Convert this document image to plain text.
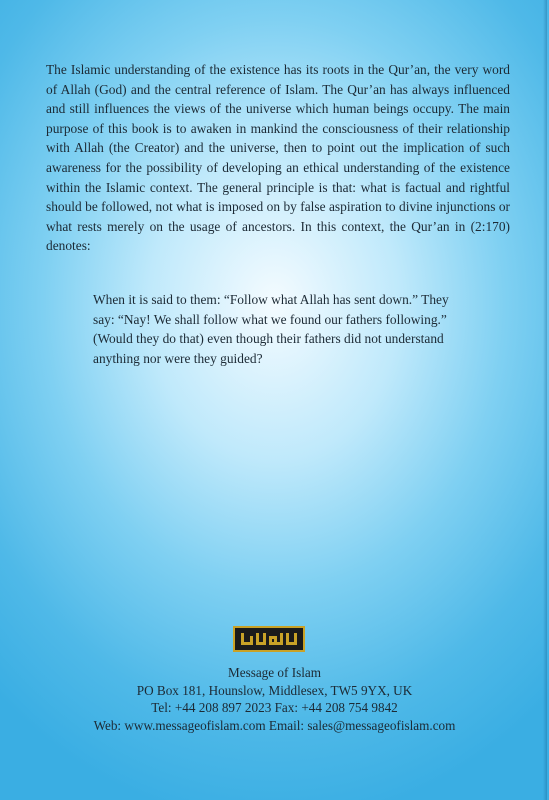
The Islamic understanding of the existence has its roots in the Qur’an, the very word of Allah (God) and the central reference of Islam. The Qur’an has always influenced and still influences the views of the universe which human beings occupy. The main purpose of this book is to awaken in mankind the consciousness of their relationship with Allah (the Creator) and the universe, then to point out the implication of such awareness for the possibility of developing an ethical understanding of the existence within the Islamic context. The general principle is that: what is factual and rightful should be followed, not what is imposed on by false aspiration to divine injunctions or what rests merely on the usage of ancestors. In this context, the Qur’an in (2:170) denotes:

When it is said to them: “Follow what Allah has sent down.” They say: “Nay! We shall follow what we found our fathers following.” (Would they do that) even though their fathers did not understand anything nor were they guided?

Message of Islam
PO Box 181, Hounslow, Middlesex, TW5 9YX, UK
Tel: +44 208 897 2023 Fax: +44 208 754 9842
Web: www.messageofislam.com Email: sales@messageofislam.com
